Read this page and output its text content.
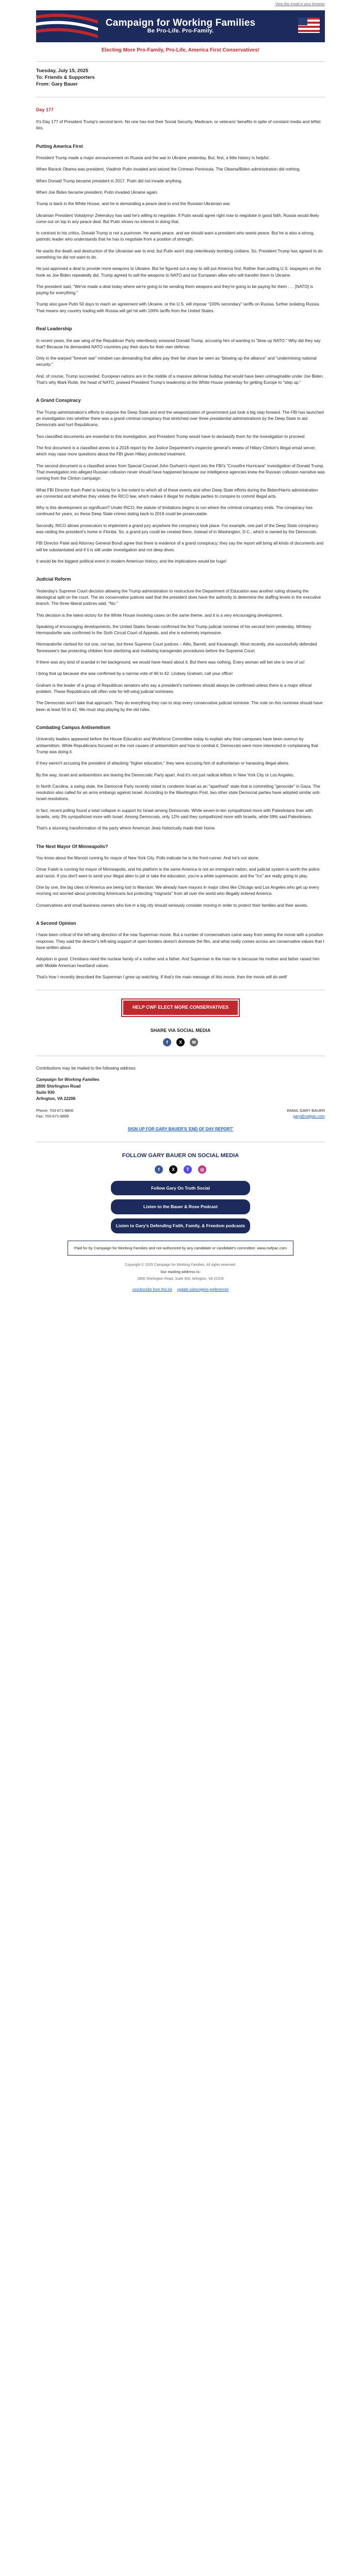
View this email in your browser
Campaign for Working Families
Be Pro-Life. Pro-Family.
Electing More Pro-Family, Pro-Life, America First Conservatives!
Tuesday, July 15, 2025
To: Friends & Supporters
From: Gary Bauer
Day 177

It's Day 177 of President Trump's second term. No one has lost their Social Security, Medicare, or veterans' benefits in spite of constant media and leftist lies.

Putting America First

President Trump made a major announcement on Russia and the war in Ukraine yesterday. But, first, a little history is helpful.

When Barack Obama was president, Vladimir Putin invaded and seized the Crimean Peninsula. The Obama/Biden administration did nothing.

When Donald Trump became president in 2017, Putin did not invade anything.

When Joe Biden became president, Putin invaded Ukraine again.

Trump is back in the White House, and he is demanding a peace deal to end the Russian-Ukrainian war.

Ukrainian President Volodymyr Zelenskyy has said he's willing to negotiate. If Putin would agree right now to negotiate in good faith, Russia would likely come out on top in any peace deal. But Putin shows no interest in doing that.

In contrast to his critics, Donald Trump is not a pushover. He wants peace, and we should want a president who wants peace. But he is also a strong, patriotic leader who understands that he has to negotiate from a position of strength.

He wants the death and destruction of the Ukrainian war to end, but Putin won't stop relentlessly bombing civilians. So, President Trump has agreed to do something he did not want to do.

He just approved a deal to provide more weapons to Ukraine. But he figured out a way to still put America first. Rather than putting U.S. taxpayers on the hook as Joe Biden repeatedly did, Trump agreed to sell the weapons to NATO and our European allies who will transfer them to Ukraine.

The president said, "We've made a deal today where we're going to be sending them weapons and they're going to be paying for them . . . [NATO] is paying for everything."

Trump also gave Putin 50 days to reach an agreement with Ukraine, or the U.S. will impose "100% secondary" tariffs on Russia, further isolating Russia. That means any country trading with Russia will get hit with 100% tariffs from the United States.

Real Leadership

In recent years, the war wing of the Republican Party relentlessly smeared Donald Trump, accusing him of wanting to "blow up NATO." Why did they say that? Because he demanded NATO countries pay their dues for their own defense.

Only in the warped "forever war" mindset can demanding that allies pay their fair share be seen as "blowing up the alliance" and "undermining national security."

And, of course, Trump succeeded. European nations are in the middle of a massive defense buildup that would have been unimaginable under Joe Biden. That's why Mark Rutte, the head of NATO, praised President Trump's leadership at the White House yesterday for getting Europe to "step up."

A Grand Conspiracy

The Trump administration's efforts to expose the Deep State and end the weaponization of government just took a big step forward. The FBI has launched an investigation into whether there was a grand criminal conspiracy that stretched over three presidential administrations by the Deep State to aid Democrats and hurt Republicans.

Two classified documents are essential to this investigation, and President Trump would have to declassify them for the investigation to proceed.

The first document is a classified annex to a 2018 report by the Justice Department's inspector general's review of Hillary Clinton's illegal email server, which may raise more questions about the FBI given Hillary protected treatment.

The second document is a classified annex from Special Counsel John Durham's report into the FBI's "Crossfire Hurricane" investigation of Donald Trump. That investigation into alleged Russian collusion never should have happened because our intelligence agencies knew the Russian collusion narrative was coming from the Clinton campaign.

What FBI Director Kash Patel is looking for is the extent to which all of these events and other Deep State efforts during the Biden/Harris administration are connected and whether they violate the RICO law, which makes it illegal for multiple parties to conspire to commit illegal acts.

Why is this development so significant? Under RICO, the statute of limitations begins to run where the criminal conspiracy ends. The conspiracy has continued for years, so these Deep State crimes dating back to 2016 could be prosecutable.

Secondly, RICO allows prosecutors to implement a grand jury anywhere the conspiracy took place. For example, one part of the Deep State conspiracy was raiding the president's home in Florida. So, a grand jury could be created there, instead of in Washington, D.C., which is owned by the Democrats.

FBI Director Patel and Attorney General Bondi agree that there is evidence of a grand conspiracy; they say the report will bring all kinds of documents and will be substantiated and if it is still under investigation and not deep dives.

It would be the biggest political event in modern American history, and the implications would be huge!

Judicial Reform

Yesterday's Supreme Court decision allowing the Trump administration to restructure the Department of Education was another ruling showing the ideological split on the court. The six conservative justices said that the president does have the authority to determine the staffing levels in the executive branch. The three liberal justices said, "No."

This decision is the latest victory for the White House involving cases on the same theme, and it is a very encouraging development.

Speaking of encouraging developments, the United States Senate confirmed the first Trump judicial nominee of his second term yesterday. Whitney Hermandorfer was confirmed to the Sixth Circuit Court of Appeals, and she is extremely impressive.

Hermandorfer clerked for not one, not two, but three Supreme Court justices – Alito, Barrett, and Kavanaugh. Most recently, she successfully defended Tennessee's law protecting children from sterilizing and mutilating transgender procedures before the Supreme Court.

If there was any kind of scandal in her background, we would have heard about it. But there was nothing. Every woman will bet she is one of us!

I bring that up because she was confirmed by a narrow vote of 46 to 42. Lindsey Graham, call your office!

Graham is the leader of a group of Republican senators who say a president's nominees should always be confirmed unless there is a major ethical problem. These Republicans will often vote for left-wing judicial nominees.

The Democrats won't take that approach. They do everything they can to stop every conservative judicial nominee. The vote on this nominee should have been at least 50 to 42. We must stop playing by the old rules.

Combating Campus Antisemitism

University leaders appeared before the House Education and Workforce Committee today to explain why their campuses have been overrun by antisemitism. While Republicans focused on the root causes of antisemitism and how to combat it, Democrats were more interested in complaining that Trump was doing it.

If they weren't accusing the president of attacking "higher education," they were accusing him of authoritarian or harassing illegal aliens.

By the way, Israel and antisemitism are tearing the Democratic Party apart. And it's not just radical leftists in New York City or Los Angeles.

In North Carolina, a swing state, the Democrat Party recently voted to condemn Israel as an "apartheid" state that is committing "genocide" in Gaza. The resolution also called for an arms embargo against Israel. According to the Washington Post, two other state Democrat parties have adopted similar anti-Israel resolutions.

In fact, recent polling found a total collapse in support for Israel among Democrats. While seven-in-ten sympathized more with Palestinians than with Israelis, only 3% sympathized more with Israel. Among Democrats, only 12% said they sympathized more with Israelis, while 59% said Palestinians.

That's a stunning transformation of the party where American Jews historically made their home.

The Next Mayor Of Minneapolis?

You know about the Marxist running for mayor of New York City. Polls indicate he is the front-runner. And he's not alone.

Omar Fateh is running for mayor of Minneapolis, and his platform is the same America is not an immigrant nation, and judicial system is worth the police and racist. If you don't want to send your illegal alien to jail or take the education, you're a white supremacist, and the "ics" are really going to play.

One by one, the big cities of America are being lost to Marxism. We already have mayors in major cities like Chicago and Los Angeles who get up every morning not worried about protecting Americans but protecting "migrants" from all over the world who illegally entered America.

Conservatives and small business owners who live in a big city should seriously consider moving in order to protect their families and their assets.

A Second Opinion

I have been critical of the left-wing direction of the new Superman movie. But a number of conservatives came away from seeing the movie with a positive response. They said the director's left-wing support of open borders doesn't dominate the film, and what really comes across are conservative values that I have written about.

Adoption is good. Christians need the nuclear family of a mother and a father. And Superman is the man he is because his mother and father raised him with Middle American heartland values.

That's how I recently described the Superman I grew up watching. If that's the main message of this movie, then the movie will do well!

HELP CWF ELECT MORE CONSERVATIVES
SHARE VIA SOCIAL MEDIA
f	X	✉

Contributions may be mailed to the following address:

Campaign for Working Families

2800 Shirlington Road

Suite 930

Arlington, VA 22206

Phone: 703-671-8800
Fax: 703-671-8899
EMAIL GARY BAUER
gary@cwfpac.com
SIGN UP FOR GARY BAUER'S 'END OF DAY REPORT'
FOLLOW GARY BAUER ON SOCIAL MEDIA
f	X	T	◎
Follow Gary On Truth Social
Listen to the Bauer & Rose Podcast
Listen to Gary's Defending Faith, Family, & Freedom podcasts
Paid for by Campaign for Working Families and not authorized by any candidate or candidate's committee. www.cwfpac.com

Copyright © 2025 Campaign for Working Families, All rights reserved.

Our mailing address is:

2800 Shirlington Road, Suite 930, Arlington, VA 22206

unsubscribe from this list update subscription preferences
